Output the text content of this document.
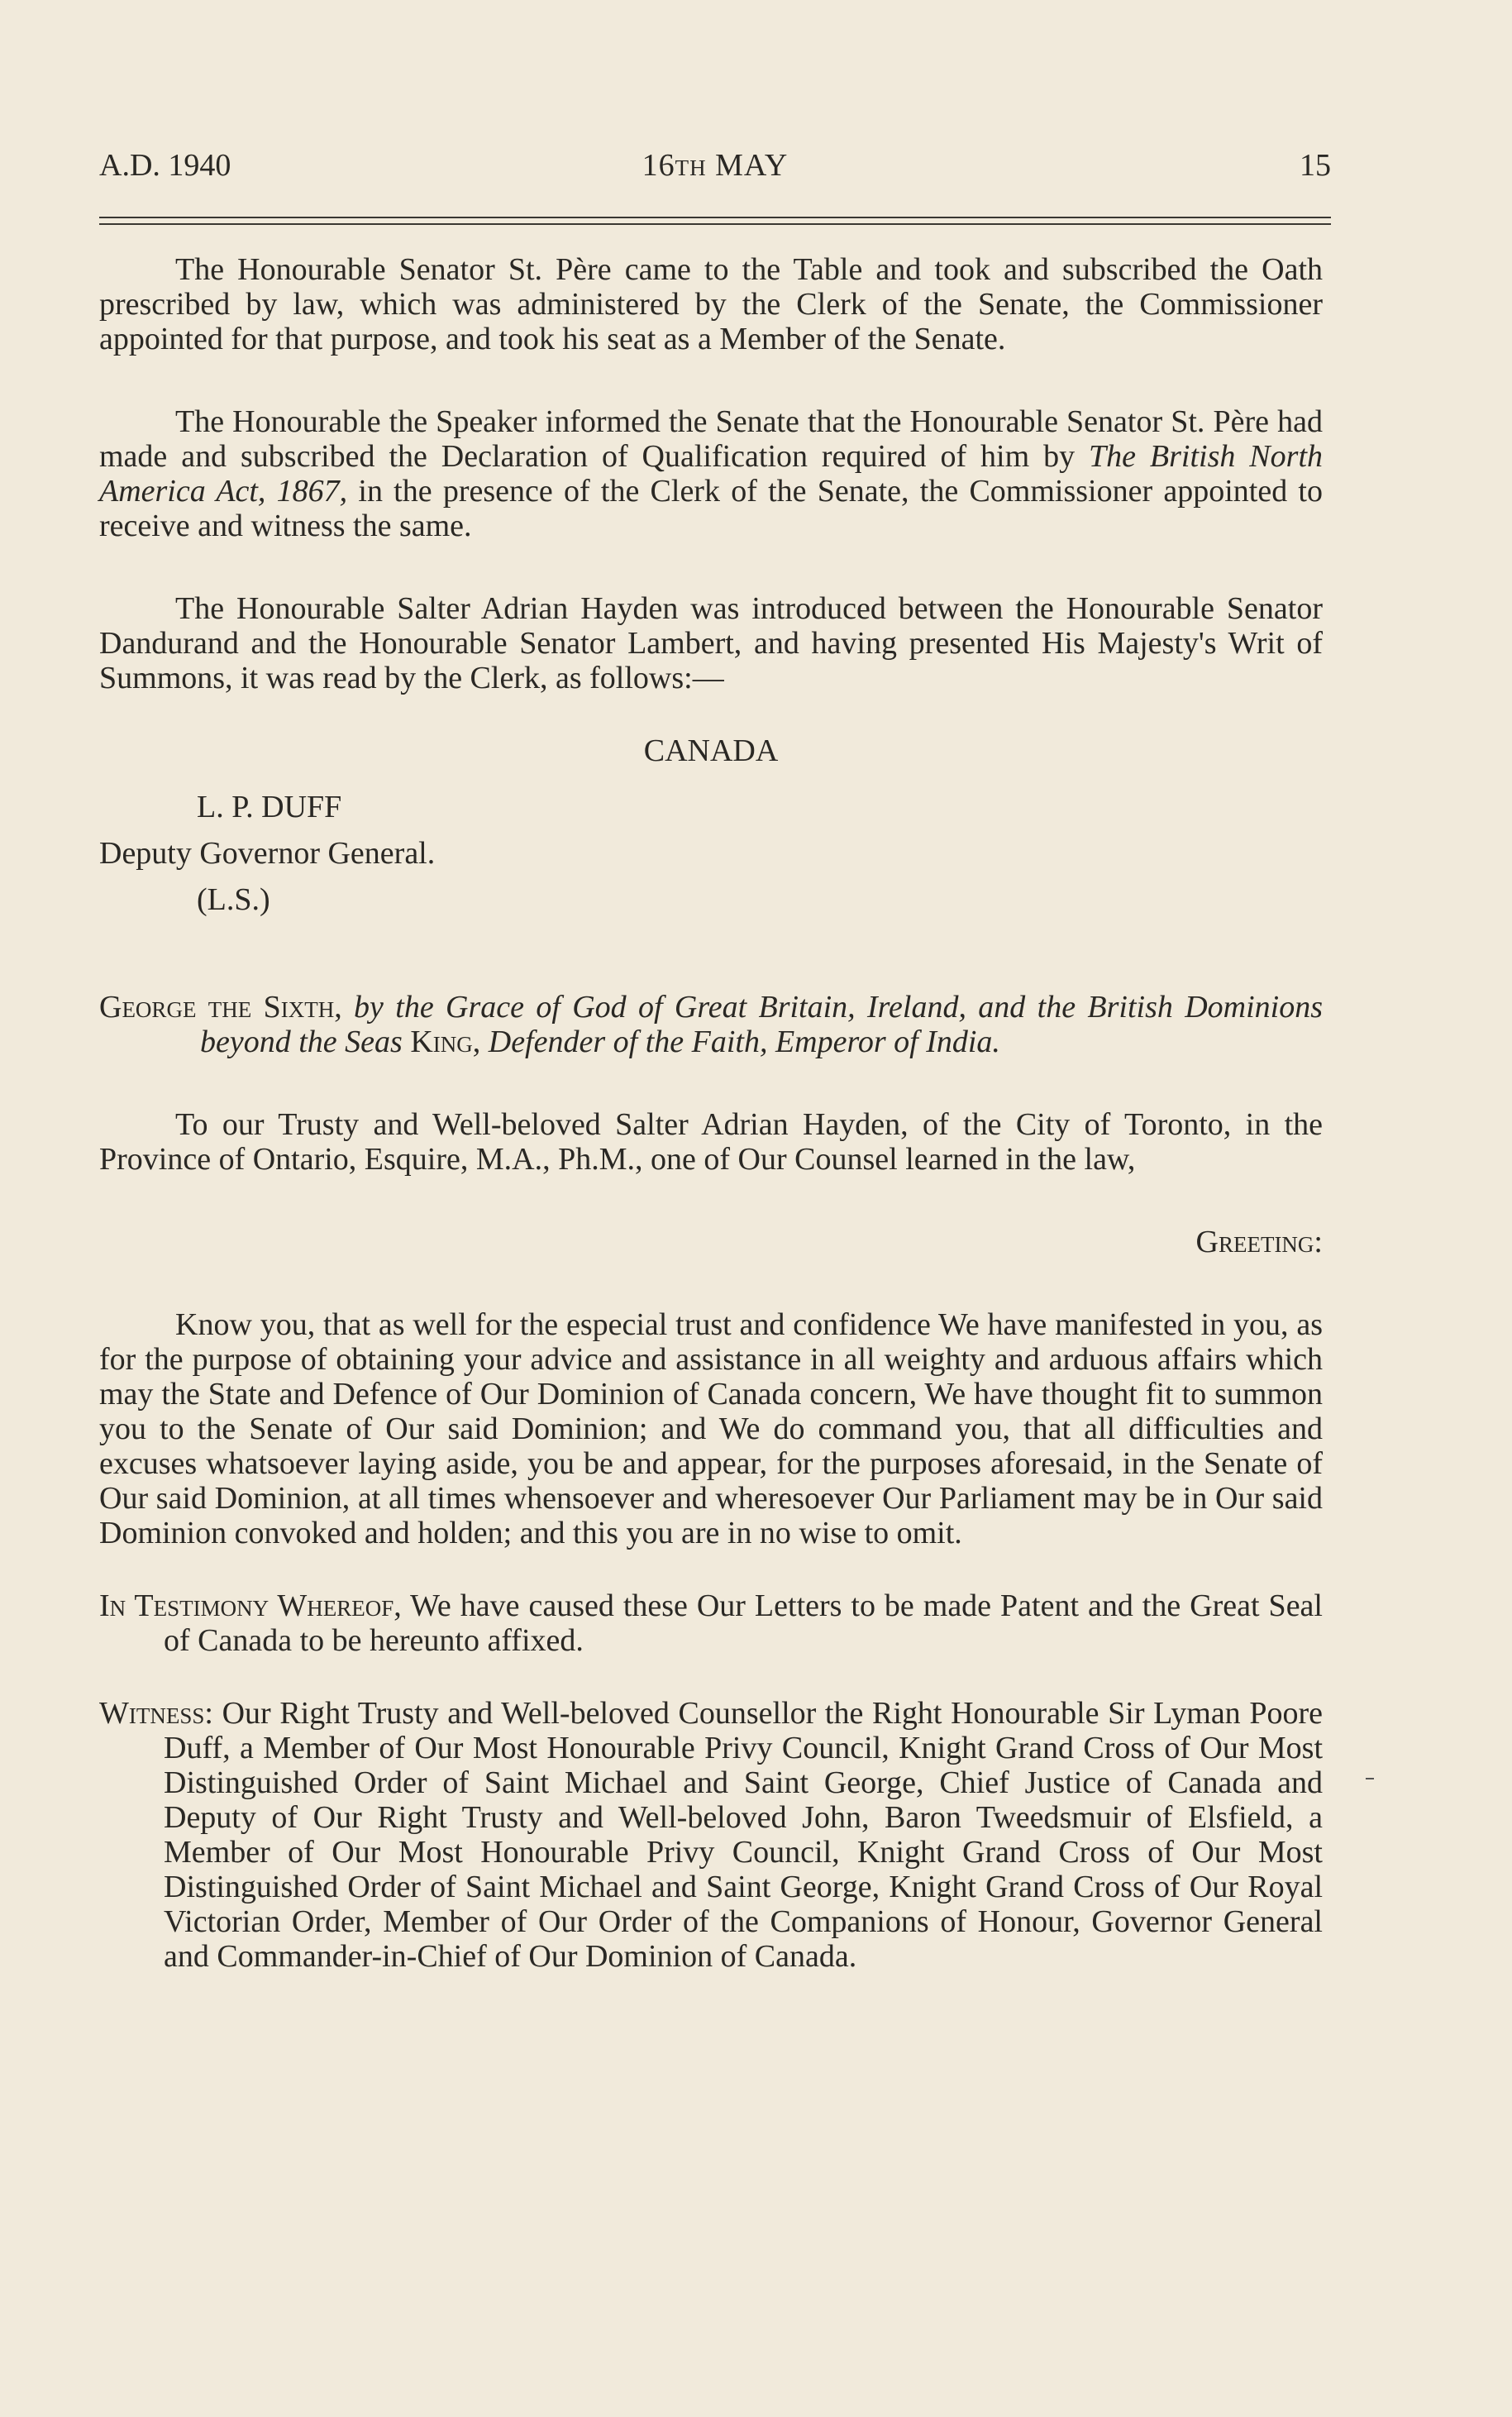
A.D. 1940	16th MAY	15

The Honourable Senator St. Père came to the Table and took and subscribed the Oath prescribed by law, which was administered by the Clerk of the Senate, the Commissioner appointed for that purpose, and took his seat as a Member of the Senate.

The Honourable the Speaker informed the Senate that the Honourable Senator St. Père had made and subscribed the Declaration of Qualification required of him by The British North America Act, 1867, in the presence of the Clerk of the Senate, the Commissioner appointed to receive and witness the same.

The Honourable Salter Adrian Hayden was introduced between the Honourable Senator Dandurand and the Honourable Senator Lambert, and having presented His Majesty's Writ of Summons, it was read by the Clerk, as follows:—

CANADA

L. P. DUFF
Deputy Governor General.
(L.S.)

George the Sixth, by the Grace of God of Great Britain, Ireland, and the British Dominions beyond the Seas King, Defender of the Faith, Emperor of India.

To our Trusty and Well-beloved Salter Adrian Hayden, of the City of Toronto, in the Province of Ontario, Esquire, M.A., Ph.M., one of Our Counsel learned in the law,

Greeting:

Know you, that as well for the especial trust and confidence We have manifested in you, as for the purpose of obtaining your advice and assistance in all weighty and arduous affairs which may the State and Defence of Our Dominion of Canada concern, We have thought fit to summon you to the Senate of Our said Dominion; and We do command you, that all difficulties and excuses whatsoever laying aside, you be and appear, for the purposes aforesaid, in the Senate of Our said Dominion, at all times whensoever and wheresoever Our Parliament may be in Our said Dominion convoked and holden; and this you are in no wise to omit.

In Testimony Whereof, We have caused these Our Letters to be made Patent and the Great Seal of Canada to be hereunto affixed.

Witness: Our Right Trusty and Well-beloved Counsellor the Right Honourable Sir Lyman Poore Duff, a Member of Our Most Honourable Privy Council, Knight Grand Cross of Our Most Distinguished Order of Saint Michael and Saint George, Chief Justice of Canada and Deputy of Our Right Trusty and Well-beloved John, Baron Tweedsmuir of Elsfield, a Member of Our Most Honourable Privy Council, Knight Grand Cross of Our Most Distinguished Order of Saint Michael and Saint George, Knight Grand Cross of Our Royal Victorian Order, Member of Our Order of the Companions of Honour, Governor General and Commander-in-Chief of Our Dominion of Canada.
